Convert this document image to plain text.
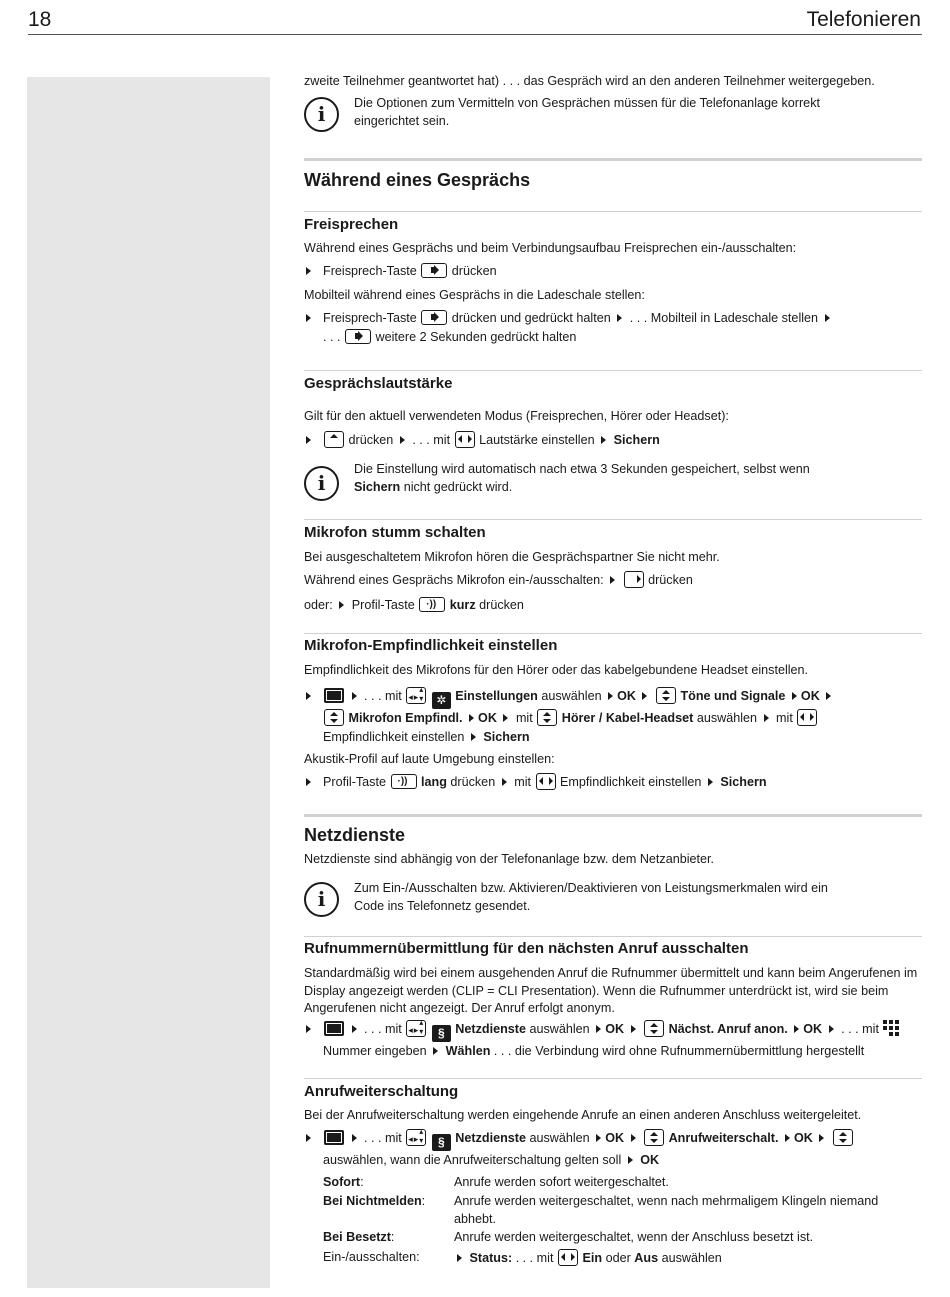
18	Telefonieren
zweite Teilnehmer geantwortet hat) . . . das Gespräch wird an den anderen Teilnehmer weitergegeben.
i	Die Optionen zum Vermitteln von Gesprächen müssen für die Telefonanlage korrekt eingerichtet sein.
Während eines Gesprächs
Freisprechen
Während eines Gesprächs und beim Verbindungsaufbau Freisprechen ein-/ausschalten:
Freisprech-Taste	drücken
Mobilteil während eines Gesprächs in die Ladeschale stellen:
Freisprech-Taste	drücken und gedrückt halten . . . Mobilteil in Ladeschale stellen
. . .	weitere 2 Sekunden gedrückt halten
Gesprächslautstärke
Gilt für den aktuell verwendeten Modus (Freisprechen, Hörer oder Headset):
drücken . . . mit Lautstärke einstellen Sichern
i
Die Einstellung wird automatisch nach etwa 3 Sekunden gespeichert, selbst wenn
Sichern nicht gedrückt wird.
Mikrofon stumm schalten
Bei ausgeschaltetem Mikrofon hören die Gesprächspartner Sie nicht mehr.
Während eines Gesprächs Mikrofon ein-/ausschalten:	drücken
oder: Profil-Taste ·))	kurz drücken
Mikrofon-Empfindlichkeit einstellen
Empfindlichkeit des Mikrofons für den Hörer oder das kabelgebundene Headset einstellen.
. . . mit ◂▸ ▴▾	✲ Einstellungen auswählen OK	Töne und Signale OK
Mikrofon Empfindl. OK mit Hörer / Kabel-Headset auswählen mit
Empfindlichkeit einstellen Sichern
Akustik-Profil auf laute Umgebung einstellen:
Profil-Taste ·))	lang drücken mit Empfindlichkeit einstellen Sichern
Netzdienste
Netzdienste sind abhängig von der Telefonanlage bzw. dem Netzanbieter.
i	Zum Ein-/Ausschalten bzw. Aktivieren/Deaktivieren von Leistungsmerkmalen wird ein Code ins Telefonnetz gesendet.
Rufnummernübermittlung für den nächsten Anruf ausschalten
Standardmäßig wird bei einem ausgehenden Anruf die Rufnummer übermittelt und kann beim Angerufenen im Display angezeigt werden (CLIP = CLI Presentation). Wenn die Rufnummer unterdrückt ist, wird sie beim Angerufenen nicht angezeigt. Der Anruf erfolgt anonym.
. . . mit ◂▸ ▴▾	§ Netzdienste auswählen OK	Nächst. Anruf anon. OK . . . mit
Nummer eingeben Wählen . . . die Verbindung wird ohne Rufnummernübermittlung hergestellt
Anrufweiterschaltung
Bei der Anrufweiterschaltung werden eingehende Anrufe an einen anderen Anschluss weitergeleitet.
. . . mit ◂▸ ▴▾	§ Netzdienste auswählen OK	Anrufweiterschalt. OK
auswählen, wann die Anrufweiterschaltung gelten soll OK
Sofort:	Anrufe werden sofort weitergeschaltet.
Bei Nichtmelden: Anrufe werden weitergeschaltet, wenn nach mehrmaligem Klingeln niemand abhebt.
Bei Besetzt:	Anrufe werden weitergeschaltet, wenn der Anschluss besetzt ist.
Ein-/ausschalten:	Status: . . . mit Ein oder Aus auswählen
